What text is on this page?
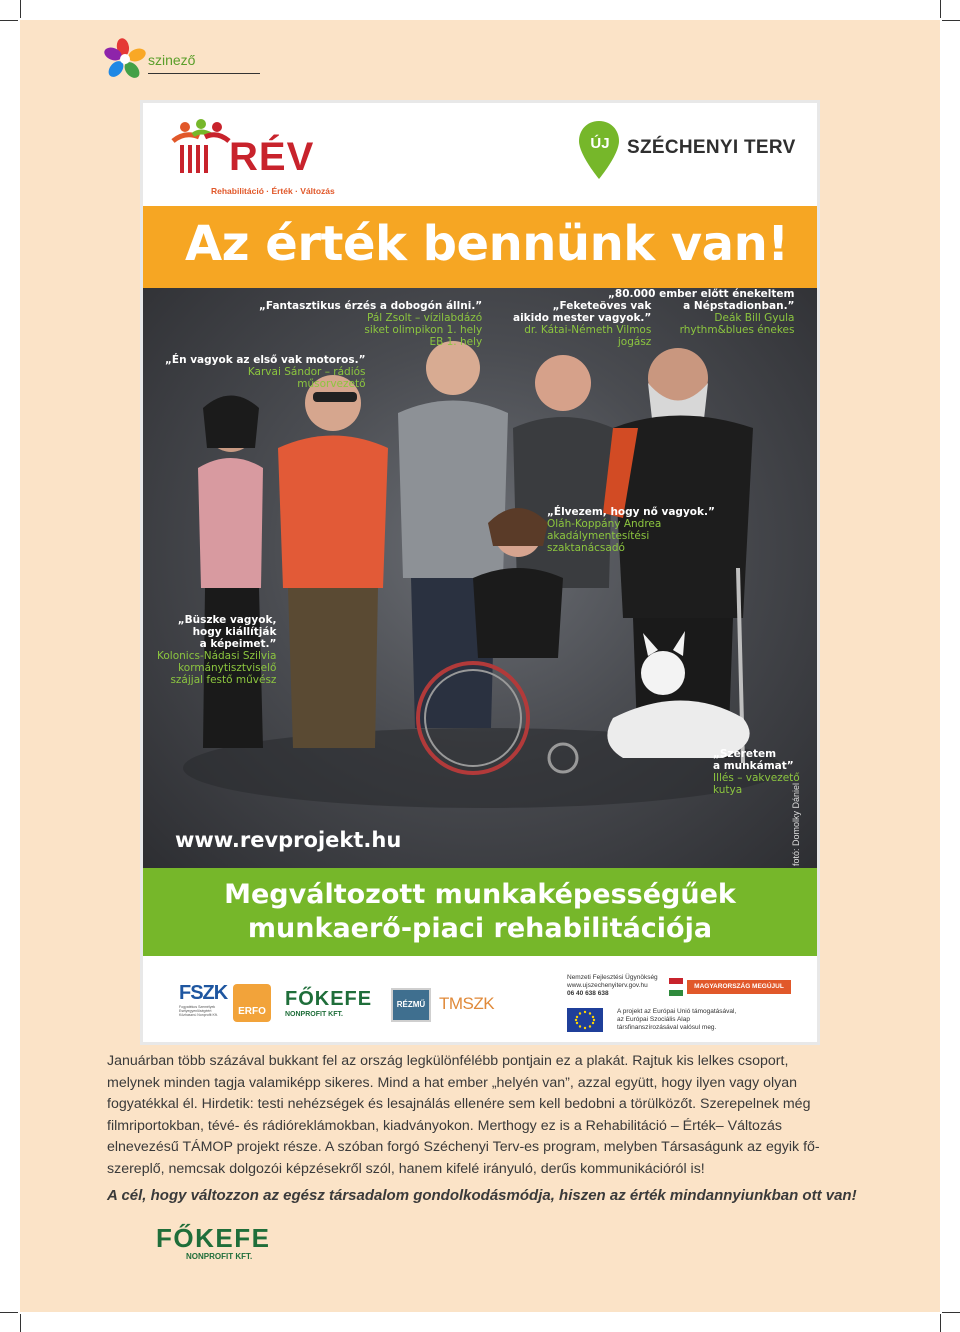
szinező
RÉV
Rehabilitáció · Érték · Változás
ÚJ SZÉCHENYI TERV
Az érték bennünk van!
„Én vagyok az első vak motoros.”
Karvai Sándor – rádiós
műsorvezető
„Fantasztikus érzés a dobogón állni.”
Pál Zsolt – vízilabdázó
siket olimpikon 1. hely
EB 1. hely
„Feketeöves vak
aikido mester vagyok.”
dr. Kátai-Németh Vilmos
jogász
„80.000 ember előtt énekeltem
a Népstadionban.”
Deák Bill Gyula
rhythm&blues énekes
„Élvezem, hogy nő vagyok.”
Oláh-Koppány Andrea
akadálymentesítési
szaktanácsadó
„Büszke vagyok,
hogy kiállítják
a képeimet.”
Kolonics-Nádasi Szilvia
kormánytisztviselő
szájjal festő művész
„Szeretem
a munkámat”
Illés – vakvezető
kutya
www.revprojekt.hu	fotó: Domolky Dániel
Megváltozott munkaképességűek
munkaerő-piaci rehabilitációja
FSZK
Fogyatékos Személyek Esélyegyenlőségéért Közhasznú Nonprofit Kft.	ERFO
FŐKEFE
NONPROFIT KFT.
RÉZMŰ TMSZK
Nemzeti Fejlesztési Ügynökség
www.ujszechenyiterv.gov.hu
06 40 638 638
MAGYARORSZÁG MEGÚJUL
A projekt az Európai Unió támogatásával,
az Európai Szociális Alap
társfinanszírozásával valósul meg.
Januárban több százával bukkant fel az ország legkülönfélébb pontjain ez a plakát. Rajtuk kis lelkes csoport,
melynek minden tagja valamiképp sikeres. Mind a hat ember „helyén van”, azzal együtt, hogy ilyen vagy olyan
fogyatékkal él. Hirdetik: testi nehézségek és lesajnálás ellenére sem kell bedobni a törülközőt. Szerepelnek még
filmriportokban, tévé- és rádióreklámokban, kiadványokon. Merthogy ez is a Rehabilitáció – Érték– Változás
elnevezésű TÁMOP projekt része. A szóban forgó Széchenyi Terv-es program, melyben Társaságunk az egyik fő-
szereplő, nemcsak dolgozói képzésekről szól, hanem kifelé irányuló, derűs kommunikációról is!
A cél, hogy változzon az egész társadalom gondolkodásmódja, hiszen az érték mindannyiunkban ott van!
FŐKEFE
NONPROFIT KFT.
